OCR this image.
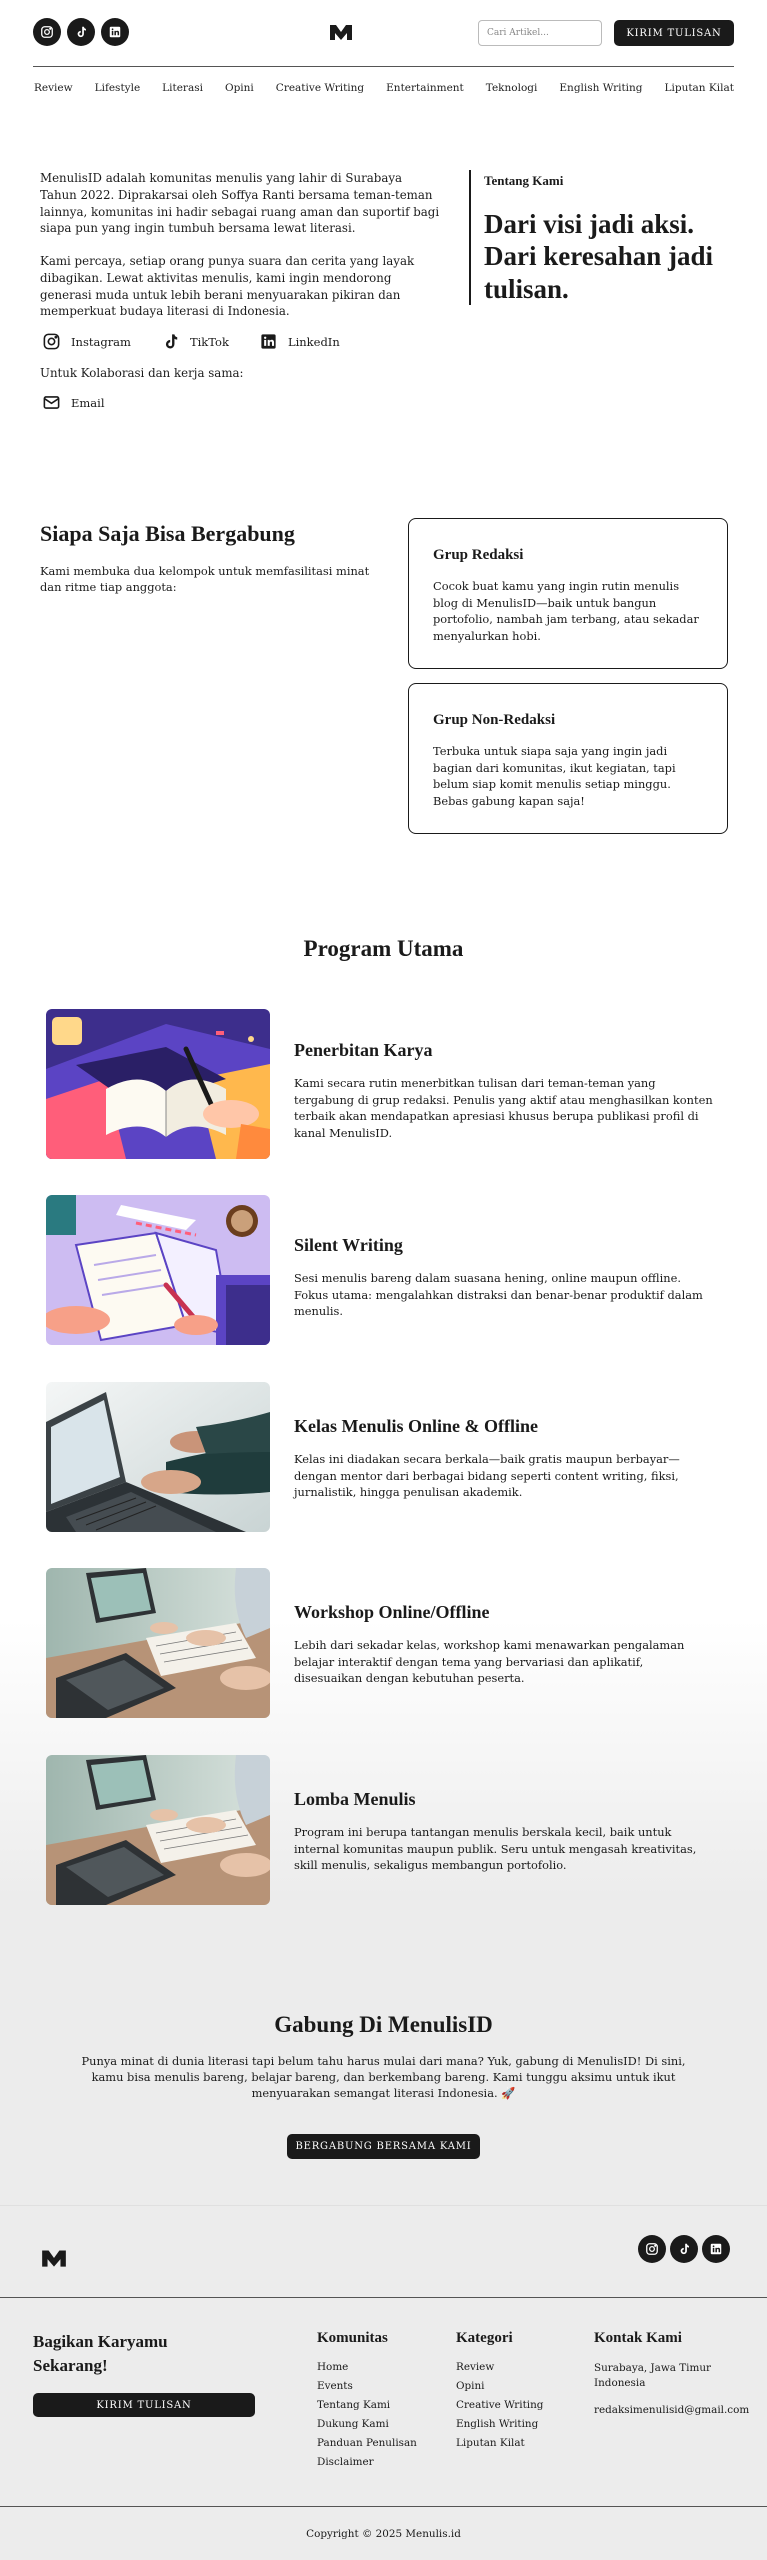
Cari Artikel...
KIRIM TULISAN
Review Lifestyle Literasi Opini Creative Writing Entertainment Teknologi English Writing Liputan Kilat

MenulisID adalah komunitas menulis yang lahir di Surabaya Tahun 2022. Diprakarsai oleh Soffya Ranti bersama teman-teman lainnya, komunitas ini hadir sebagai ruang aman dan suportif bagi siapa pun yang ingin tumbuh bersama lewat literasi.

Kami percaya, setiap orang punya suara dan cerita yang layak dibagikan. Lewat aktivitas menulis, kami ingin mendorong generasi muda untuk lebih berani menyuarakan pikiran dan memperkuat budaya literasi di Indonesia.

Instagram	TikTok	LinkedIn

Untuk Kolaborasi dan kerja sama:

Email
Tentang Kami
Dari visi jadi aksi. Dari keresahan jadi tulisan.
Siapa Saja Bisa Bergabung

Kami membuka dua kelompok untuk memfasilitasi minat dan ritme tiap anggota:

Grup Redaksi

Cocok buat kamu yang ingin rutin menulis blog di MenulisID—baik untuk bangun portofolio, nambah jam terbang, atau sekadar menyalurkan hobi.

Grup Non-Redaksi

Terbuka untuk siapa saja yang ingin jadi bagian dari komunitas, ikut kegiatan, tapi belum siap komit menulis setiap minggu. Bebas gabung kapan saja!

Program Utama
Penerbitan Karya

Kami secara rutin menerbitkan tulisan dari teman-teman yang tergabung di grup redaksi. Penulis yang aktif atau menghasilkan konten terbaik akan mendapatkan apresiasi khusus berupa publikasi profil di kanal MenulisID.

Silent Writing

Sesi menulis bareng dalam suasana hening, online maupun offline. Fokus utama: mengalahkan distraksi dan benar-benar produktif dalam menulis.

Kelas Menulis Online & Offline

Kelas ini diadakan secara berkala—baik gratis maupun berbayar—dengan mentor dari berbagai bidang seperti content writing, fiksi, jurnalistik, hingga penulisan akademik.

Workshop Online/Offline

Lebih dari sekadar kelas, workshop kami menawarkan pengalaman belajar interaktif dengan tema yang bervariasi dan aplikatif, disesuaikan dengan kebutuhan peserta.

Lomba Menulis

Program ini berupa tantangan menulis berskala kecil, baik untuk internal komunitas maupun publik. Seru untuk mengasah kreativitas, skill menulis, sekaligus membangun portofolio.

Gabung Di MenulisID

Punya minat di dunia literasi tapi belum tahu harus mulai dari mana? Yuk, gabung di MenulisID! Di sini, kamu bisa menulis bareng, belajar bareng, dan berkembang bareng. Kami tunggu aksimu untuk ikut menyuarakan semangat literasi Indonesia. 🚀

BERGABUNG BERSAMA KAMI
Bagikan Karyamu Sekarang!
KIRIM TULISAN
Komunitas
Home
Events
Tentang Kami
Dukung Kami
Panduan Penulisan
Disclaimer
Kategori
Review
Opini
Creative Writing
English Writing
Liputan Kilat
Kontak Kami
Surabaya, Jawa Timur Indonesia
redaksimenulisid@gmail.com
Copyright © 2025 Menulis.id
